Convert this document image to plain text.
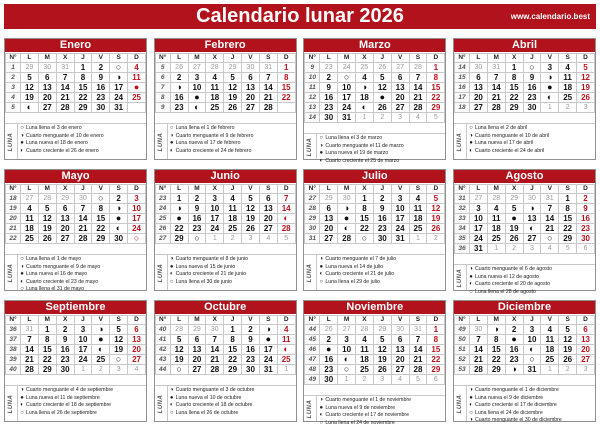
Calendario lunar 2026	www.calendario.best
Enero
N°	L	M	X	J	V	S	D
1	29	30	31	1	2	○	4
2	5	6	7	8	9	◑	11
3	12	13	14	15	16	17	●
4	19	20	21	22	23	24	25
5	◐	27	28	29	30	31	
LUNA
○ Luna llena el 3 de enero
◑ Cuarto menguante el 10 de enero
● Luna nueva el 18 de enero
◐ Cuarto creciente el 26 de enero
Febrero
N°	L	M	X	J	V	S	D
5	26	27	28	29	30	31	1
6	2	3	4	5	6	7	8
7	◑	10	11	12	13	14	15
8	16	●	18	19	20	21	22
9	23	◐	25	26	27	28	
LUNA
○ Luna llena el 1 de febrero
◑ Cuarto menguante el 9 de febrero
● Luna nueva el 17 de febrero
◐ Cuarto creciente el 24 de febrero
Marzo
N°	L	M	X	J	V	S	D
9	23	24	25	26	27	28	1
10	2	○	4	5	6	7	8
11	9	10	◑	12	13	14	15
12	16	17	18	●	20	21	22
13	23	24	◐	26	27	28	29
14	30	31	1	2	3	4	5
LUNA ○ Luna llena el 3 de marzo
◑ Cuarto menguante el 11 de marzo
● Luna nueva el 19 de marzo
◐ Cuarto creciente el 25 de marzo
Abril
N°	L	M	X	J	V	S	D
14	30	31	1	○	3	4	5
15	6	7	8	9	◑	11	12
16	13	14	15	16	●	18	19
17	20	21	22	23	◐	25	26
18	27	28	29	30	1	2	3
LUNA
○ Luna llena el 2 de abril
◑ Cuarto menguante el 10 de abril
● Luna nueva el 17 de abril
◐ Cuarto creciente el 24 de abril
Mayo
N°	L	M	X	J	V	S	D
18	27	28	29	30	○	2	3
19	4	5	6	7	8	◑	10
20	11	12	13	14	15	●	17
21	18	19	20	21	22	◐	24
22	25	26	27	28	29	30	○
LUNA
○ Luna llena el 1 de mayo
◑ Cuarto menguante el 9 de mayo
● Luna nueva el 16 de mayo
◐ Cuarto creciente el 23 de mayo
○ Luna llena el 31 de mayo
Junio
N°	L	M	X	J	V	S	D
23	1	2	3	4	5	6	7
24	◑	9	10	11	12	13	14
25	●	16	17	18	19	20	◐
26	22	23	24	25	26	27	28
27	29	○	1	2	3	4	5
LUNA
◑ Cuarto menguante el 8 de junio
● Luna nueva el 15 de junio
◐ Cuarto creciente el 21 de junio
○ Luna llena el 30 de junio
Julio
N°	L	M	X	J	V	S	D
27	29	30	1	2	3	4	5
28	6	◑	8	9	10	11	12
29	13	●	15	16	17	18	19
30	20	◐	22	23	24	25	26
31	27	28	○	30	31	1	2
LUNA
◑ Cuarto menguante el 7 de julio
● Luna nueva el 14 de julio
◐ Cuarto creciente el 21 de julio
○ Luna llena el 29 de julio
Agosto
N°	L	M	X	J	V	S	D
31	27	28	29	30	31	1	2
32	3	4	5	◑	7	8	9
33	10	11	●	13	14	15	16
34	17	18	19	◐	21	22	23
35	24	25	26	27	○	29	30
36	31	1	2	3	4	5	6
LUNA ◑ Cuarto menguante el 6 de agosto
● Luna nueva el 12 de agosto
◐ Cuarto creciente el 20 de agosto
○ Luna llena el 28 de agosto
Septiembre
N°	L	M	X	J	V	S	D
36	31	1	2	3	◑	5	6
37	7	8	9	10	●	12	13
38	14	15	16	17	◐	19	20
39	21	22	23	24	25	○	27
40	28	29	30	1	2	3	4
LUNA
◑ Cuarto menguante el 4 de septiembre
● Luna nueva el 11 de septiembre
◐ Cuarto creciente el 18 de septiembre
○ Luna llena el 26 de septiembre
Octubre
N°	L	M	X	J	V	S	D
40	28	29	30	1	2	◑	4
41	5	6	7	8	9	●	11
42	12	13	14	15	16	17	◐
43	19	20	21	22	23	24	25
44	○	27	28	29	30	31	1
LUNA
◑ Cuarto menguante el 3 de octubre
● Luna nueva el 10 de octubre
◐ Cuarto creciente el 18 de octubre
○ Luna llena el 26 de octubre
Noviembre
N°	L	M	X	J	V	S	D
44	26	27	28	29	30	31	1
45	2	3	4	5	6	7	8
46	●	10	11	12	13	14	15
47	16	◐	18	19	20	21	22
48	23	○	25	26	27	28	29
49	30	1	2	3	4	5	6
LUNA ◑ Cuarto menguante el 1 de noviembre
● Luna nueva el 9 de noviembre
◐ Cuarto creciente el 17 de noviembre
○ Luna llena el 24 de noviembre
Diciembre
N°	L	M	X	J	V	S	D
49	30	◑	2	3	4	5	6
50	7	8	●	10	11	12	13
51	14	15	16	◐	18	19	20
52	21	22	23	○	25	26	27
53	28	29	◑	31	1	2	3
LUNA
◑ Cuarto menguante el 1 de diciembre
● Luna nueva el 9 de diciembre
◐ Cuarto creciente el 17 de diciembre
○ Luna llena el 24 de diciembre
◑ Cuarto menguante el 30 de diciembre
